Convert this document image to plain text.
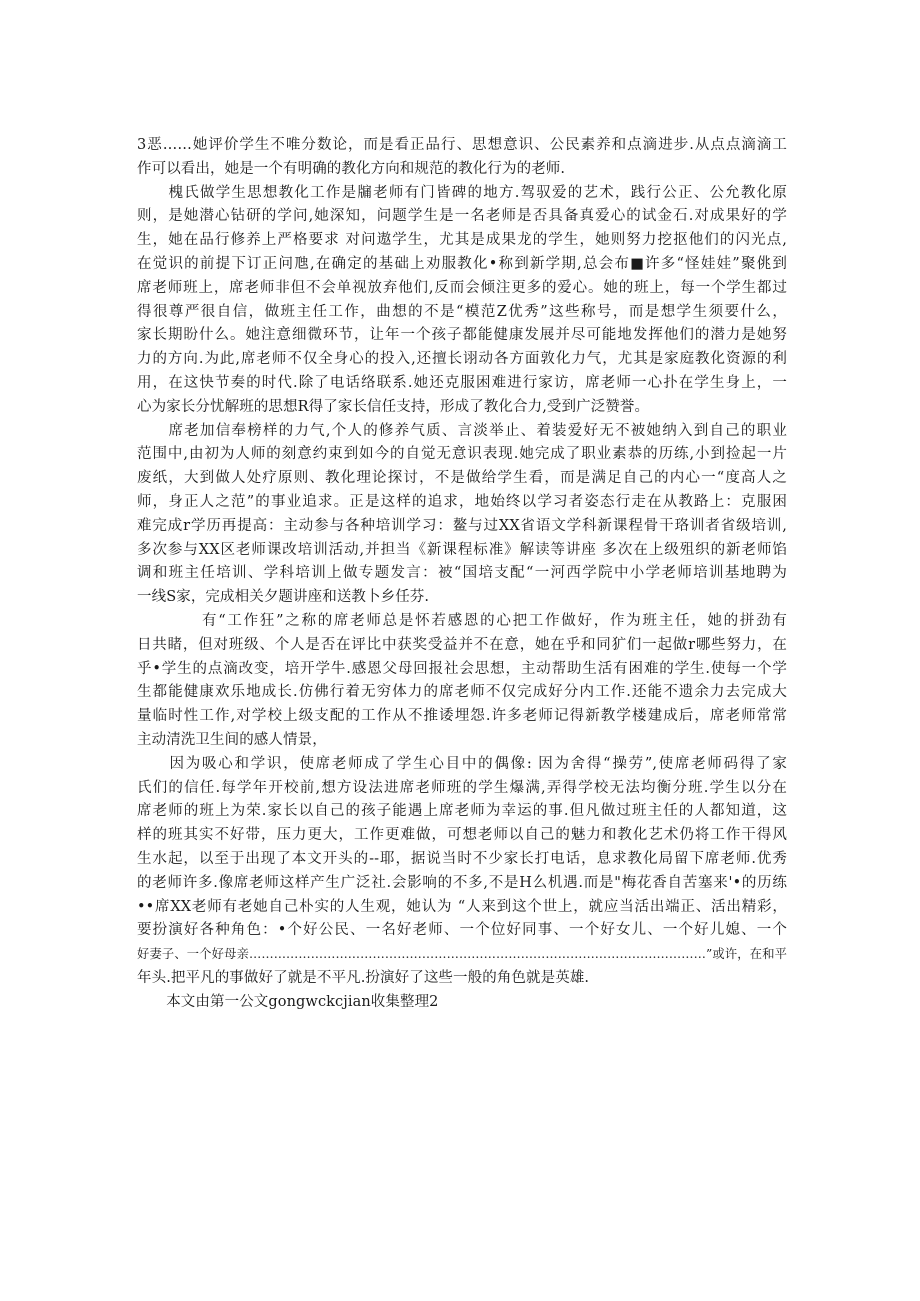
3恶……她评价学生不唯分数论，而是看正品行、思想意识、公民素养和点滴进步.从点点滴滴工
作可以看出，她是一个有明确的教化方向和规范的教化行为的老师.
　　槐氏做学生思想教化工作是牖老师有门皆碑的地方.驾驭爱的艺术，践行公正、公允教化原
则，是她潜心钻研的学问,她深知，问题学生是一名老师是否具备真爱心的试金石.对成果好的学
生，她在品行修养上严格要求 对问遨学生，尤其是成果龙的学生，她则努力挖抠他们的闪光点,
在觉识的前提下订正问虺,在确定的基础上劝服教化•称到新学期,总会布■许多“怪娃娃”聚佻到
席老师班上，席老师非但不会单视放弃他们,反而会倾注更多的爱心。她的班上，每一个学生都过
得很尊严很自信，做班主任工作，曲想的不是“模范Z优秀”这些称号，而是想学生须要什么，
家长期盼什么。她注意细微环节，让年一个孩子都能健康发展并尽可能地发挥他们的潜力是她努
力的方向.为此,席老师不仅全身心的投入,还擅长诩动各方面敦化力气，尤其是家庭教化资源的利
用，在这快节奏的时代.除了电话络联系.她还克服困难进行家访，席老师一心扑在学生身上，一
心为家长分忧解班的思想R得了家长信任支持，形成了教化合力,受到广泛赞誉。
　　席老加信奉榜样的力气,个人的修养气质、言淡举止、着装爱好无不被她纳入到自己的职业
范围中,由初为人师的刻意约束到如今的自觉无意识表现.她完成了职业素恭的历练,小到捡起一片
废纸，大到做人处疗原则、教化理论探讨，不是做给学生看，而是满足自己的内心一“度高人之
师，身正人之范”的事业追求。正是这样的追求，地始终以学习者姿态行走在从教路上：克服困
难完成r学历再提高：主动参与各种培训学习：鳌与过XX省语文学科新课程骨干珞训者省级培训,
多次参与XX区老师课改培训活动,并担当《新课程标准》解读等讲座 多次在上级殂织的新老师馅
调和班主任培训、学科培训上做专题发言：被“国培支配“一河西学院中小学老师培训基地聘为
一线S家，完成相关夕题讲座和送教卜乡任芬.
　　　　有“工作狂”之称的席老师总是怀若感恩的心把工作做好，作为班主任，她的拼劲有
日共睹，但对班级、个人是否在评比中获奖受益并不在意，她在乎和同犷们一起做r哪些努力，在
乎•学生的点滴改变，培开学牛.感恩父母回报社会思想，主动帮助生活有困难的学生.使每一个学
生都能健康欢乐地成长.仿佛行着无穷体力的席老师不仅完成好分内工作.还能不遗余力去完成大
量临时性工作,对学校上级支配的工作从不推诿埋怨.许多老师记得新教学楼建成后，席老师常常
主动清洗卫生间的感人情景，
　　因为吸心和学识，使席老师成了学生心目中的偶像: 因为舍得“操劳”,使席老师码得了家
氏们的信任.每学年开校前,想方设法进席老师班的学生爆满,弄得学校无法均衡分班.学生以分在
席老师的班上为荣.家长以自己的孩子能遇上席老师为幸运的事.但凡做过班主任的人都知道，这
样的班其实不好带，压力更大，工作更难做，可想老师以自己的魅力和教化艺术仍将工作干得风
生水起，以至于出现了本文开头的--耶，据说当时不少家长打电话，息求教化局留下席老师.优秀
的老师许多.像席老师这样产生广泛社.会影响的不多,不是H么机遇.而是"梅花香自苦塞来'•的历练
••席XX老师有老她自己朴实的人生观，她认为 “人来到这个世上，就应当活出端正、活出精彩，
要扮演好各种角色：•个好公民、一名好老师、一个位好同事、一个好女儿、一个好儿媳、一个
好妻子、一个好母亲…………………………………………………………………………………………………”或许，在和平
年头.把平凡的事做好了就是不平凡.扮演好了这些一般的角色就是英雄.
　　本文由第一公文gongwckcjian收集整理2
